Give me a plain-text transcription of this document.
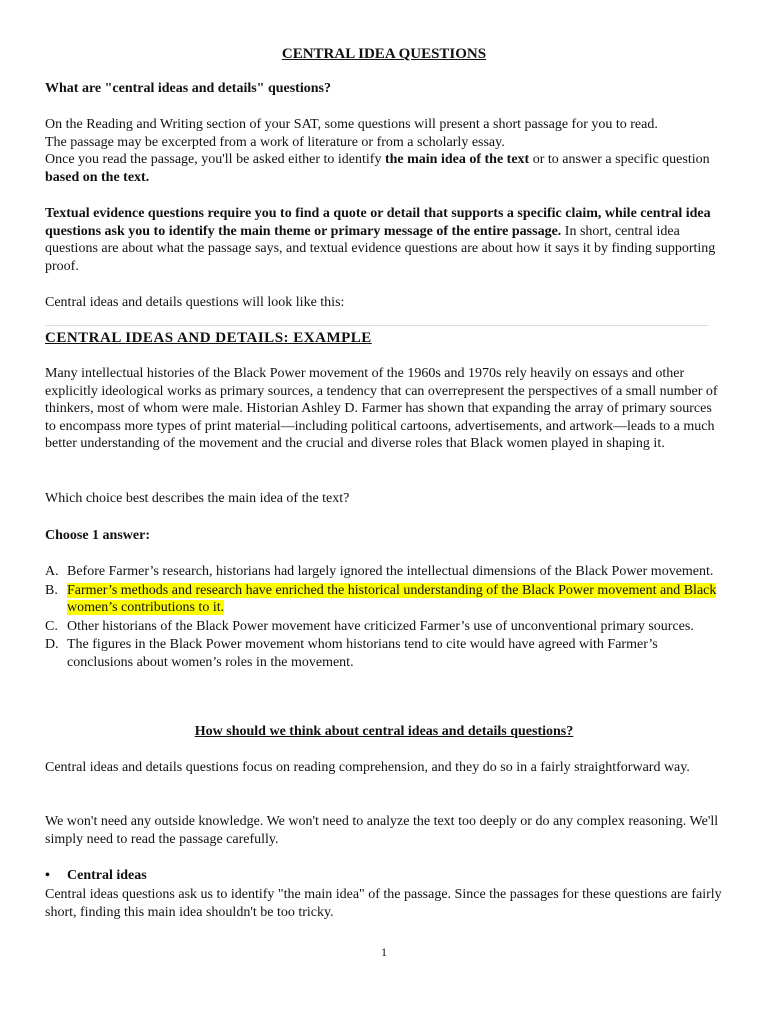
CENTRAL IDEA QUESTIONS

What are "central ideas and details" questions?

On the Reading and Writing section of your SAT, some questions will present a short passage for you to read.
The passage may be excerpted from a work of literature or from a scholarly essay.
Once you read the passage, you'll be asked either to identify the main idea of the text or to answer a specific question based on the text.

Textual evidence questions require you to find a quote or detail that supports a specific claim, while central idea questions ask you to identify the main theme or primary message of the entire passage. In short, central idea questions are about what the passage says, and textual evidence questions are about how it says it by finding supporting proof.

Central ideas and details questions will look like this:

CENTRAL IDEAS AND DETAILS: EXAMPLE

Many intellectual histories of the Black Power movement of the 1960s and 1970s rely heavily on essays and other explicitly ideological works as primary sources, a tendency that can overrepresent the perspectives of a small number of thinkers, most of whom were male. Historian Ashley D. Farmer has shown that expanding the array of primary sources to encompass more types of print material—including political cartoons, advertisements, and artwork—leads to a much better understanding of the movement and the crucial and diverse roles that Black women played in shaping it.

Which choice best describes the main idea of the text?

Choose 1 answer:

A. Before Farmer’s research, historians had largely ignored the intellectual dimensions of the Black Power movement.
B. Farmer’s methods and research have enriched the historical understanding of the Black Power movement and Black women’s contributions to it.
C. Other historians of the Black Power movement have criticized Farmer’s use of unconventional primary sources.
D. The figures in the Black Power movement whom historians tend to cite would have agreed with Farmer’s conclusions about women’s roles in the movement.
How should we think about central ideas and details questions?

Central ideas and details questions focus on reading comprehension, and they do so in a fairly straightforward way.

We won't need any outside knowledge. We won't need to analyze the text too deeply or do any complex reasoning. We'll simply need to read the passage carefully.

• Central ideas

Central ideas questions ask us to identify "the main idea" of the passage. Since the passages for these questions are fairly short, finding this main idea shouldn't be too tricky.

1
